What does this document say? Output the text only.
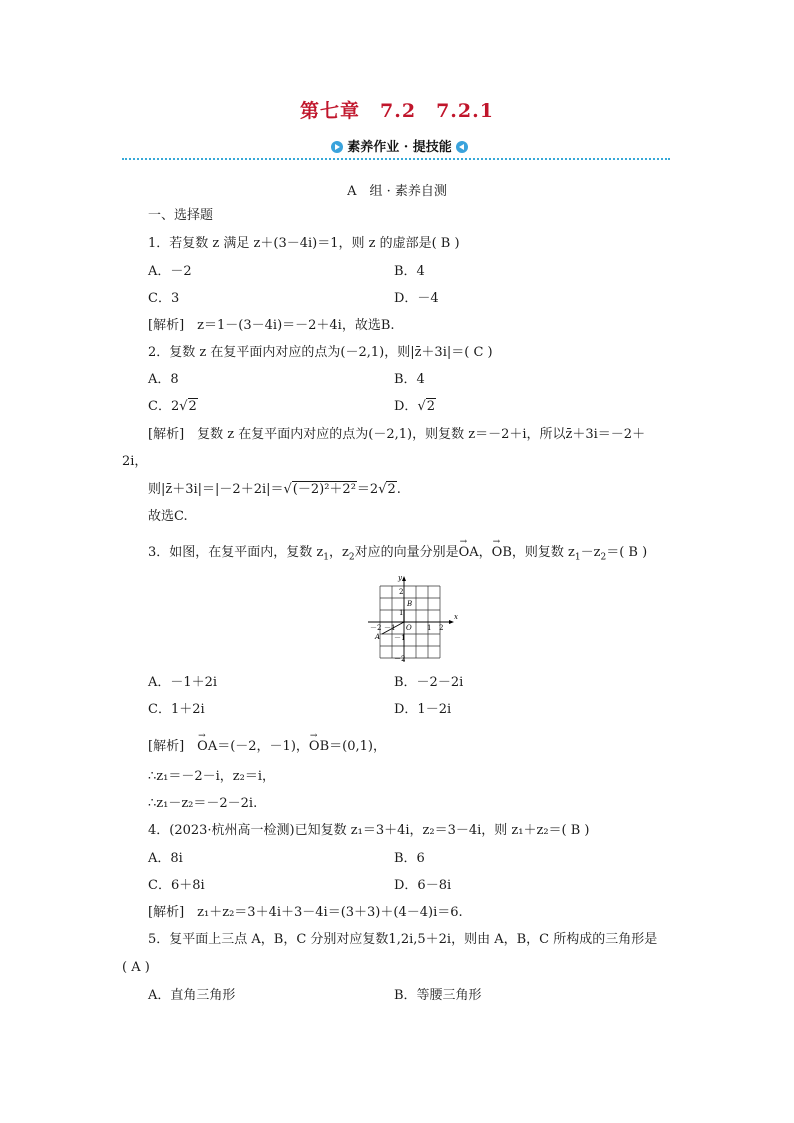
第七章　7.2　7.2.1
素养作业 · 提技能
A　组 · 素养自测
一、选择题
1．若复数 z 满足 z＋(3－4i)＝1，则 z 的虚部是( B )
A．－2	B．4
C．3	D．－4
[解析]　 z＝1－(3－4i)＝－2＋4i，故选B.
2．复数 z 在复平面内对应的点为(－2,1)，则|z̄＋3i|＝( C )
A．8	B．4
C．2√2	D．√2
[解析]　 复数 z 在复平面内对应的点为(－2,1)，则复数 z＝－2＋i，所以z̄＋3i＝－2＋
2i，
则|z̄＋3i|＝|－2＋2i|＝√(－2)²＋2²＝2√2.
故选C.
3．如图，在复平面内，复数 $z_1$，$z_2$对应的向量分别是→ OA，→ OB，则复数 $z_1-z_2=$( B )
x
y
O
A
B
－2 －1	1 2
2
1
－1
－2
A．－1＋2i	B．－2－2i
C．1＋2i	D．1－2i
[解析]　→ OA＝(－2，－1)，→ OB＝(0,1)，
∴z₁＝－2－i，z₂＝i，
∴z₁－z₂＝－2－2i.
4．(2023·杭州高一检测)已知复数 z₁＝3＋4i，z₂＝3－4i，则 z₁＋z₂＝( B )
A．8i	B．6
C．6＋8i	D．6－8i
[解析]　 z₁＋z₂＝3＋4i＋3－4i＝(3＋3)＋(4－4)i＝6.
5．复平面上三点 A，B，C 分别对应复数1,2i,5＋2i，则由 A，B，C 所构成的三角形是
( A )
A．直角三角形	B．等腰三角形
